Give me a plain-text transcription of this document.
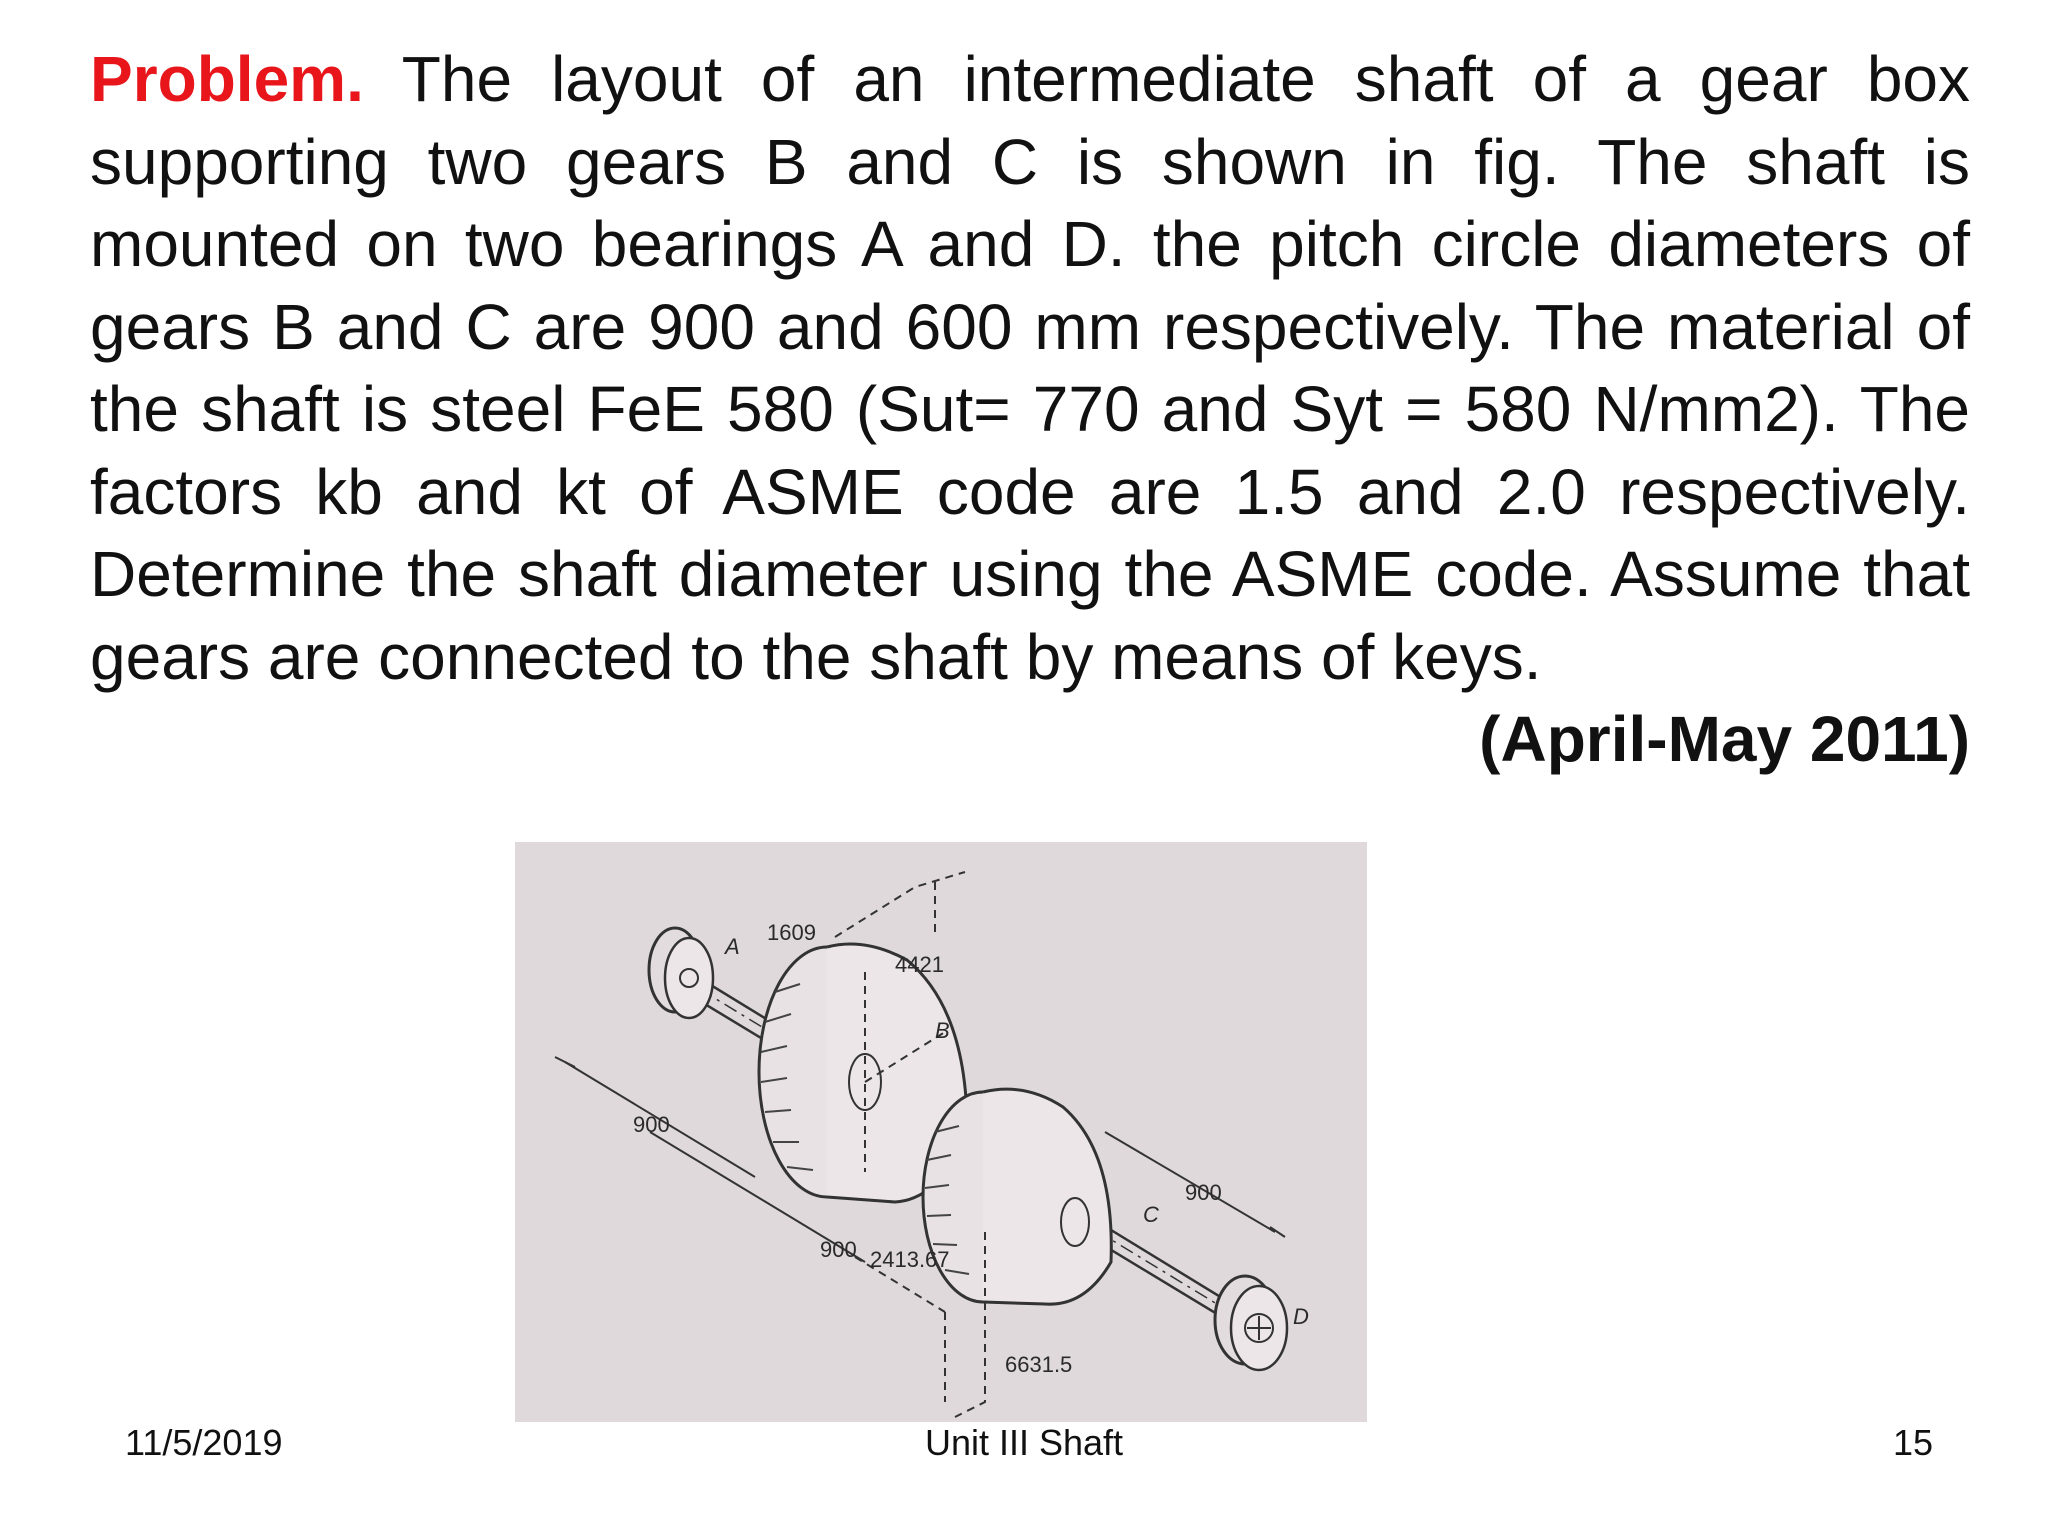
Problem. The layout of an intermediate shaft of a gear box supporting two gears B and C is shown in fig. The shaft is mounted on two bearings A and D. the pitch circle diameters of gears B and C are 900 and 600 mm respectively. The material of the shaft is steel FeE 580 (Sut= 770 and Syt = 580 N/mm2). The factors kb and kt of ASME code are 1.5 and 2.0 respectively. Determine the shaft diameter using the ASME code. Assume that gears are connected to the shaft by means of keys.
(April-May 2011)

A
1609
4421
B
900
900 2413.67
C
900
D
6631.5
11/5/2019	Unit III Shaft	15
